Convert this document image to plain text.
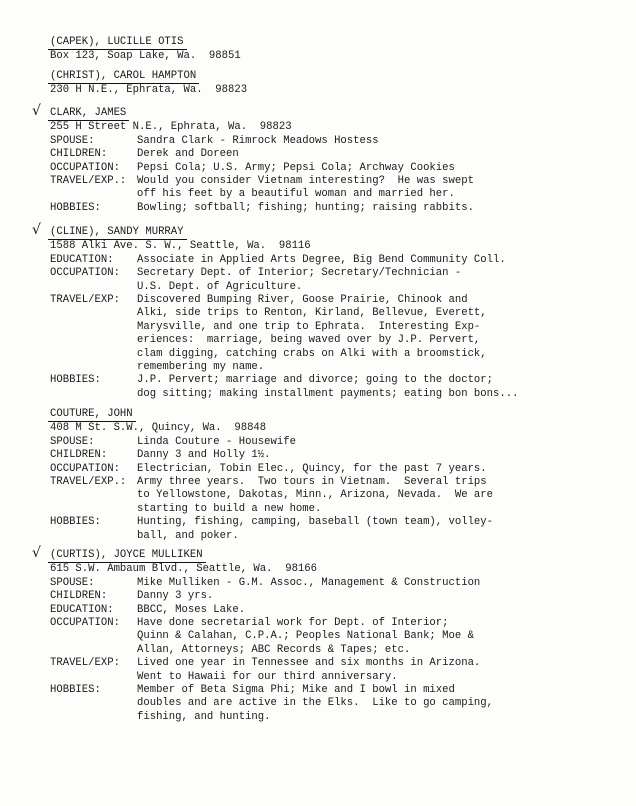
(CAPEK), LUCILLE OTIS
Box 123, Soap Lake, Wa.  98851
(CHRIST), CAROL HAMPTON
230 H N.E., Ephrata, Wa.  98823
√ CLARK, JAMES
255 H Street N.E., Ephrata, Wa.  98823
SPOUSE:	Sandra Clark - Rimrock Meadows Hostess
CHILDREN:	Derek and Doreen
OCCUPATION:	Pepsi Cola; U.S. Army; Pepsi Cola; Archway Cookies
TRAVEL/EXP.:	Would you consider Vietnam interesting?  He was swept
off his feet by a beautiful woman and married her.
HOBBIES:	Bowling; softball; fishing; hunting; raising rabbits.
√ (CLINE), SANDY MURRAY
1588 Alki Ave. S. W., Seattle, Wa.  98116
EDUCATION:	Associate in Applied Arts Degree, Big Bend Community Coll.
OCCUPATION:	Secretary Dept. of Interior; Secretary/Technician -
U.S. Dept. of Agriculture.
TRAVEL/EXP:	Discovered Bumping River, Goose Prairie, Chinook and
Alki, side trips to Renton, Kirland, Bellevue, Everett,
Marysville, and one trip to Ephrata.  Interesting Exp-
eriences:  marriage, being waved over by J.P. Pervert,
clam digging, catching crabs on Alki with a broomstick,
remembering my name.
HOBBIES:	J.P. Pervert; marriage and divorce; going to the doctor;
dog sitting; making installment payments; eating bon bons...
COUTURE, JOHN
408 M St. S.W., Quincy, Wa.  98848
SPOUSE:	Linda Couture - Housewife
CHILDREN:	Danny 3 and Holly 1½.
OCCUPATION:	Electrician, Tobin Elec., Quincy, for the past 7 years.
TRAVEL/EXP.:	Army three years.  Two tours in Vietnam.  Several trips
to Yellowstone, Dakotas, Minn., Arizona, Nevada.  We are
starting to build a new home.
HOBBIES:	Hunting, fishing, camping, baseball (town team), volley-
ball, and poker.
√ (CURTIS), JOYCE MULLIKEN
615 S.W. Ambaum Blvd., Seattle, Wa.  98166
SPOUSE:	Mike Mulliken - G.M. Assoc., Management & Construction
CHILDREN:	Danny 3 yrs.
EDUCATION:	BBCC, Moses Lake.
OCCUPATION:	Have done secretarial work for Dept. of Interior;
Quinn & Calahan, C.P.A.; Peoples National Bank; Moe &
Allan, Attorneys; ABC Records & Tapes; etc.
TRAVEL/EXP:	Lived one year in Tennessee and six months in Arizona.
Went to Hawaii for our third anniversary.
HOBBIES:	Member of Beta Sigma Phi; Mike and I bowl in mixed
doubles and are active in the Elks.  Like to go camping,
fishing, and hunting.
